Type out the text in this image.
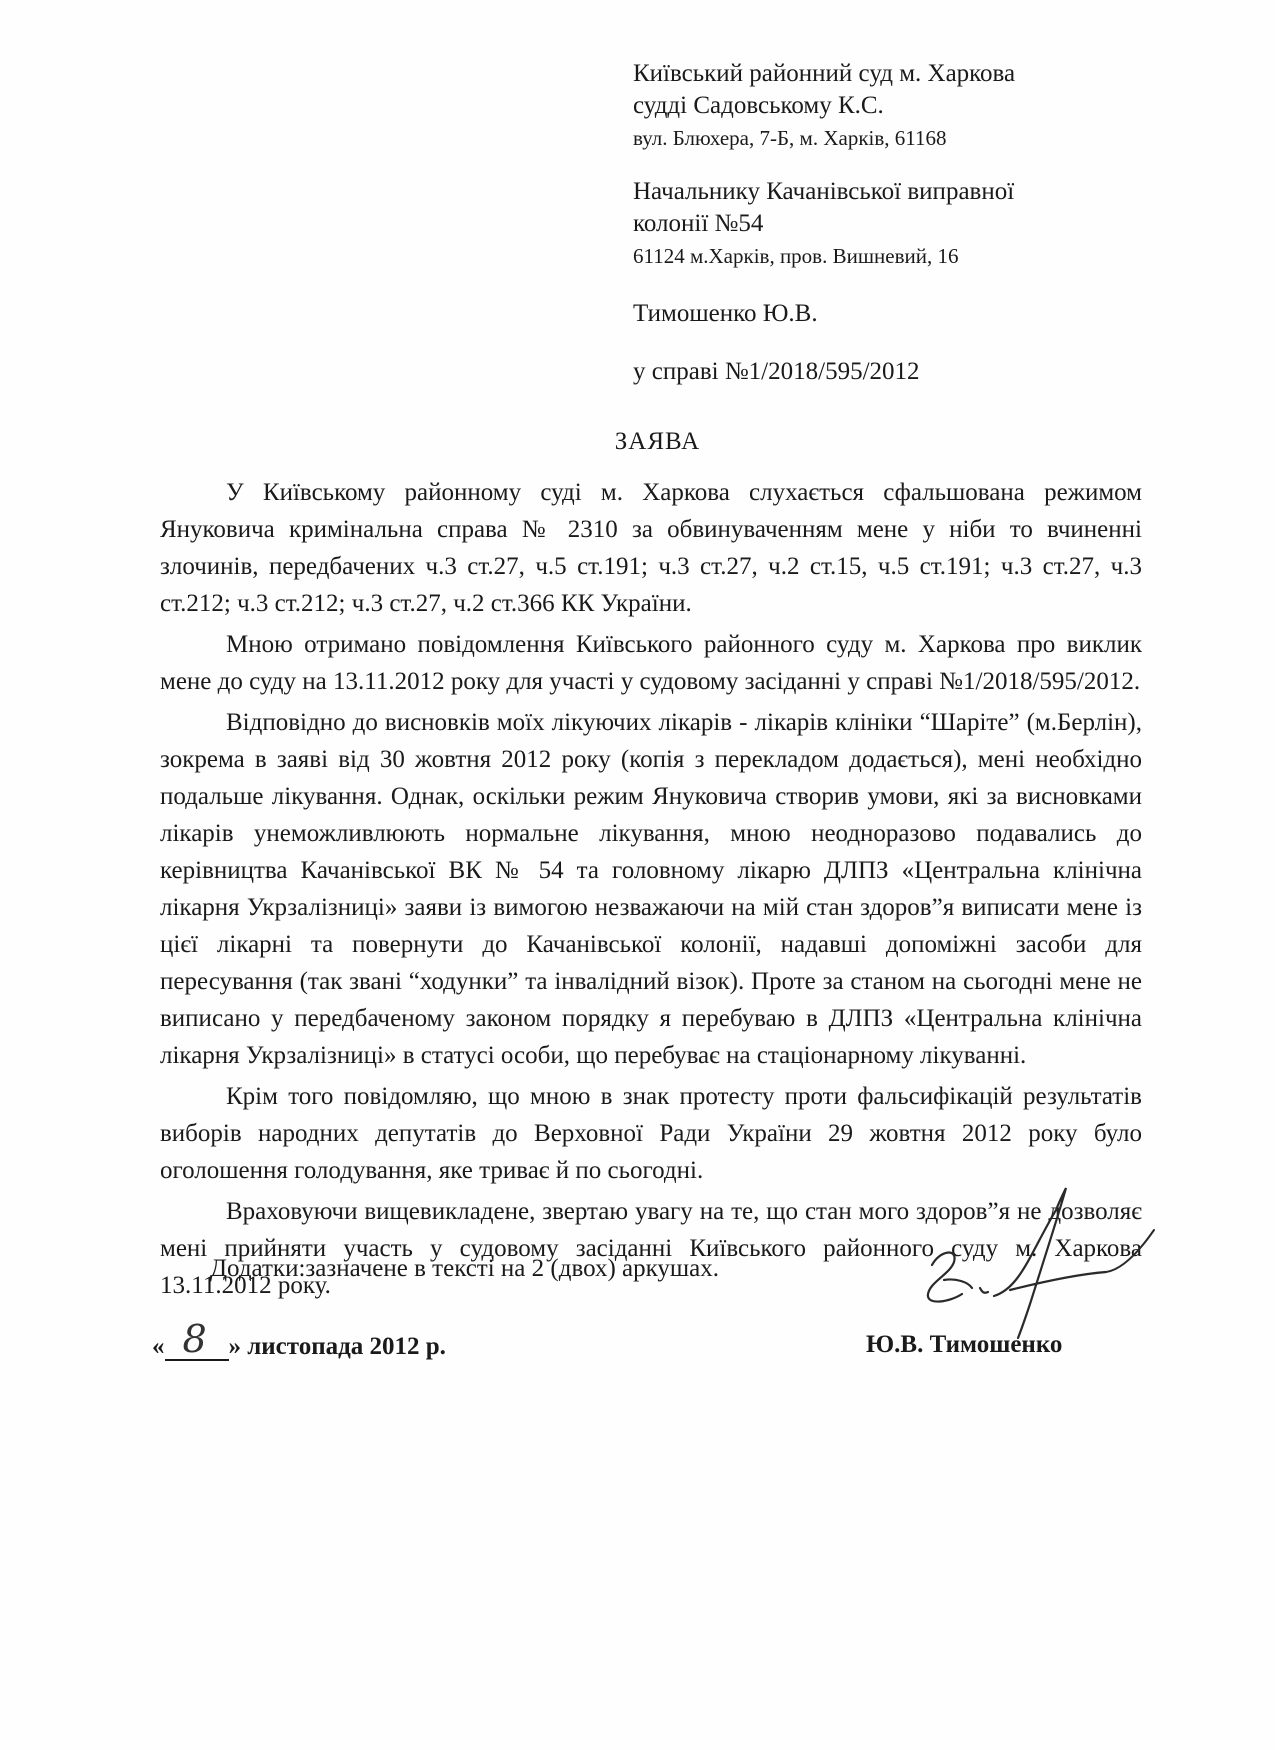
Київський районний суд м. Харкова
судді Садовському К.С.
вул. Блюхера, 7-Б, м. Харків, 61168
Начальнику Качанівської виправної
колонії №54
61124 м.Харків, пров. Вишневий, 16
Тимошенко Ю.В.
у справі №1/2018/595/2012
ЗАЯВА

У Київському районному суді м. Харкова слухається сфальшована режимом Януковича кримінальна справа № 2310 за обвинуваченням мене у ніби то вчиненні злочинів, передбачених ч.3 ст.27, ч.5 ст.191; ч.3 ст.27, ч.2 ст.15, ч.5 ст.191; ч.3 ст.27, ч.3 ст.212; ч.3 ст.212; ч.3 ст.27, ч.2 ст.366 КК України.

Мною отримано повідомлення Київського районного суду м. Харкова про виклик мене до суду на 13.11.2012 року для участі у судовому засіданні у справі №1/2018/595/2012.

Відповідно до висновків моїх лікуючих лікарів - лікарів клініки “Шаріте” (м.Берлін), зокрема в заяві від 30 жовтня 2012 року (копія з перекладом додається), мені необхідно подальше лікування. Однак, оскільки режим Януковича створив умови, які за висновками лікарів унеможливлюють нормальне лікування, мною неодноразово подавались до керівництва Качанівської ВК № 54 та головному лікарю ДЛПЗ «Центральна клінічна лікарня Укрзалізниці» заяви із вимогою незважаючи на мій стан здоров”я виписати мене із цієї лікарні та повернути до Качанівської колонії, надавші допоміжні засоби для пересування (так звані “ходунки” та інвалідний візок). Проте за станом на сьогодні мене не виписано у передбаченому законом порядку я перебуваю в ДЛПЗ «Центральна клінічна лікарня Укрзалізниці» в статусі особи, що перебуває на стаціонарному лікуванні.

Крім того повідомляю, що мною в знак протесту проти фальсифікацій результатів виборів народних депутатів до Верховної Ради України 29 жовтня 2012 року було оголошення голодування, яке триває й по сьогодні.

Враховуючи вищевикладене, звертаю увагу на те, що стан мого здоров”я не дозволяє мені прийняти участь у судовому засіданні Київського районного суду м. Харкова 13.11.2012 року.

Додатки:зазначене в тексті на 2 (двох) аркушах.
« 8 » листопада 2012 р.	Ю.В. Тимошенко
